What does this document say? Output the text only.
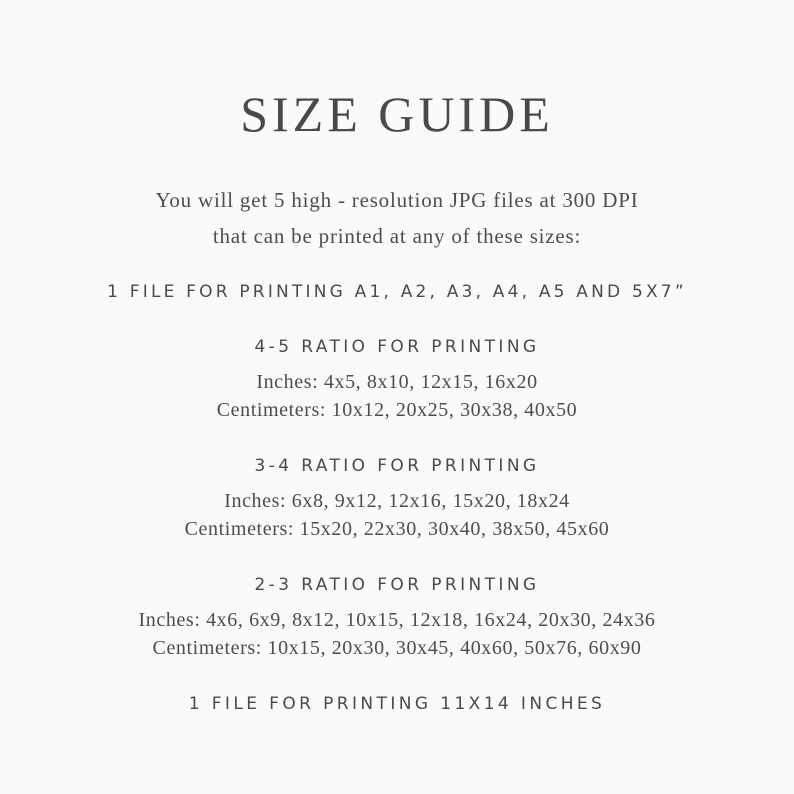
SIZE GUIDE

You will get 5 high - resolution JPG files at 300 DPI

that can be printed at any of these sizes:

1 FILE FOR PRINTING A1, A2, A3, A4, A5 AND 5X7”

4-5 RATIO FOR PRINTING

Inches: 4x5, 8x10, 12x15, 16x20

Centimeters: 10x12, 20x25, 30x38, 40x50

3-4 RATIO FOR PRINTING

Inches: 6x8, 9x12, 12x16, 15x20, 18x24

Centimeters: 15x20, 22x30, 30x40, 38x50, 45x60

2-3 RATIO FOR PRINTING

Inches: 4x6, 6x9, 8x12, 10x15, 12x18, 16x24, 20x30, 24x36

Centimeters: 10x15, 20x30, 30x45, 40x60, 50x76, 60x90

1 FILE FOR PRINTING 11X14 INCHES
